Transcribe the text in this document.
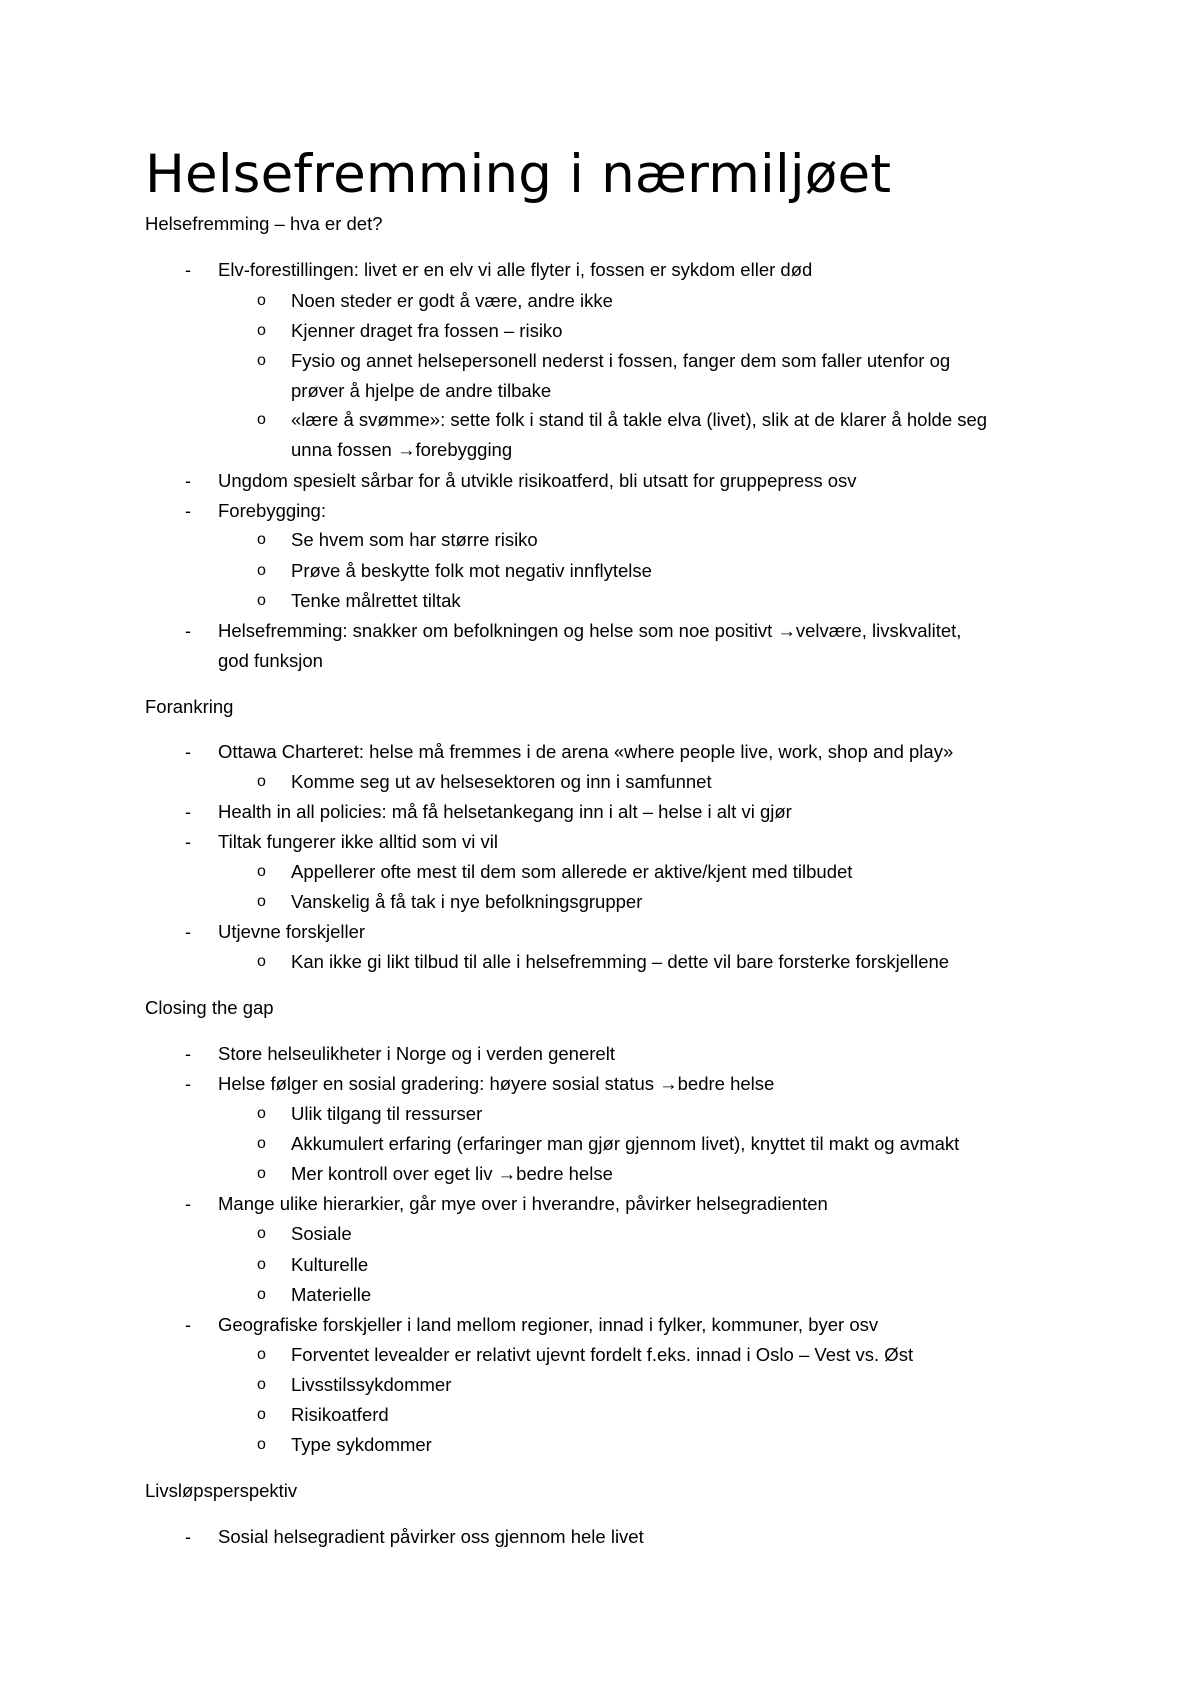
Helsefremming i nærmiljøet
Helsefremming – hva er det?
- Elv-forestillingen: livet er en elv vi alle flyter i, fossen er sykdom eller død
o Noen steder er godt å være, andre ikke
o Kjenner draget fra fossen – risiko
o Fysio og annet helsepersonell nederst i fossen, fanger dem som faller utenfor og
prøver å hjelpe de andre tilbake
o «lære å svømme»: sette folk i stand til å takle elva (livet), slik at de klarer å holde seg
unna fossen →forebygging
- Ungdom spesielt sårbar for å utvikle risikoatferd, bli utsatt for gruppepress osv
- Forebygging:
o Se hvem som har større risiko
o Prøve å beskytte folk mot negativ innflytelse
o Tenke målrettet tiltak
- Helsefremming: snakker om befolkningen og helse som noe positivt →velvære, livskvalitet,
god funksjon
Forankring
- Ottawa Charteret: helse må fremmes i de arena «where people live, work, shop and play»
o Komme seg ut av helsesektoren og inn i samfunnet
- Health in all policies: må få helsetankegang inn i alt – helse i alt vi gjør
- Tiltak fungerer ikke alltid som vi vil
o Appellerer ofte mest til dem som allerede er aktive/kjent med tilbudet
o Vanskelig å få tak i nye befolkningsgrupper
- Utjevne forskjeller
o Kan ikke gi likt tilbud til alle i helsefremming – dette vil bare forsterke forskjellene
Closing the gap
- Store helseulikheter i Norge og i verden generelt
- Helse følger en sosial gradering: høyere sosial status →bedre helse
o Ulik tilgang til ressurser
o Akkumulert erfaring (erfaringer man gjør gjennom livet), knyttet til makt og avmakt
o Mer kontroll over eget liv →bedre helse
- Mange ulike hierarkier, går mye over i hverandre, påvirker helsegradienten
o Sosiale
o Kulturelle
o Materielle
- Geografiske forskjeller i land mellom regioner, innad i fylker, kommuner, byer osv
o Forventet levealder er relativt ujevnt fordelt f.eks. innad i Oslo – Vest vs. Øst
o Livsstilssykdommer
o Risikoatferd
o Type sykdommer
Livsløpsperspektiv
- Sosial helsegradient påvirker oss gjennom hele livet
